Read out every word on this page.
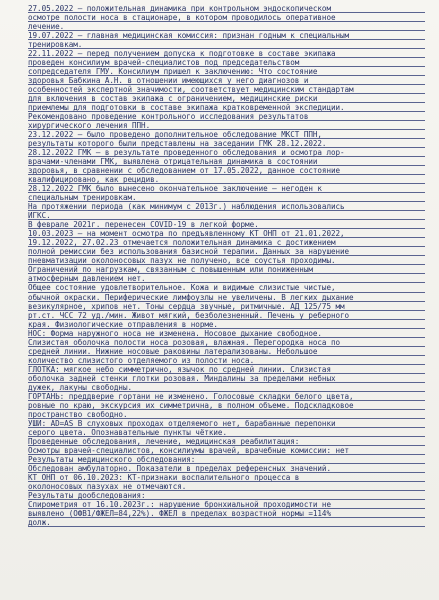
27.05.2022 – положительная динамика при контрольном эндоскопическом
осмотре полости носа в стационаре, в котором проводилось оперативное
лечение.
19.07.2022 – главная медицинская комиссия: признан годным к специальным
тренировкам.
22.11.2022 – перед получением допуска к подготовке в составе экипажа
проведен консилиум врачей-специалистов под председательством
сопредседателя ГМУ. Консилиум пришел к заключению: Что состояние
здоровья Бабкина А.Н. в отношении имеющихся у него диагнозов и
особенностей экспертной значимости, соответствует медицинским стандартам
для включения в состав экипажа с ограничением, медицинские риски
приемлемы для подготовки в составе экипажа кратковременной экспедиции.
Рекомендовано проведение контрольного исследования результатов
хирургического лечения ППН.
23.12.2022 – было проведено дополнительное обследование МКСТ ППН,
результаты которого были представлены на заседании ГМК 28.12.2022.
28.12.2022 ГМК – в результате проведенного обследования и осмотра лор-
врачами-членами ГМК, выявлена отрицательная динамика в состоянии
здоровья, в сравнении с обследованием от 17.05.2022, данное состояние
квалифицировано, как рецидив.
28.12.2022 ГМК было вынесено окончательное заключение – негоден к
специальным тренировкам.
На протяжении периода (как минимум с 2013г.) наблюдения использовались
ИГКС.
В феврале 2021г. перенесен COVID-19 в легкой форме.
10.03.2023 – на момент осмотра по предъявленному КТ ОНП от 21.01.2022,
19.12.2022, 27.02.23 отмечается положительная динамика с достижением
полной ремиссии без использования базисной терапии. Данных за нарушение
пневматизации околоносовых пазух не получено, все соустья проходимы.
Ограничений по нагрузкам, связанным с повышенным или пониженным
атмосферным давлением нет.
Общее состояние удовлетворительное. Кожа и видимые слизистые чистые,
обычной окраски. Периферические лимфоузлы не увеличены. В легких дыхание
везикулярное, хрипов нет. Тоны сердца звучные, ритмичные. АД 125/75 мм
рт.ст. ЧСС 72 уд./мин. Живот мягкий, безболезненный. Печень у реберного
края. Физиологические отправления в норме.
НОС: Форма наружного носа не изменена. Носовое дыхание свободное.
Слизистая оболочка полости носа розовая, влажная. Перегородка носа по
средней линии. Нижние носовые раковины латерализованы. Небольшое
количество слизистого отделяемого из полости носа.
ГЛОТКА: мягкое небо симметрично, язычок по средней линии. Слизистая
оболочка задней стенки глотки розовая. Миндалины за пределами небных
дужек, лакуны свободны.
ГОРТАНЬ: преддверие гортани не изменено. Голосовые складки белого цвета,
ровные по краю, экскурсия их симметрична, в полном объеме. Подскладковое
пространство свободно.
УШИ: AD=AS В слуховых проходах отделяемого нет, барабанные перепонки
серого цвета. Опознавательные пункты чёткие.
Проведенные обследования, лечение, медицинская реабилитация:
Осмотры врачей-специалистов, консилиумы врачей, врачебные комиссии: нет
Результаты медицинского обследования:
Обследован амбулаторно. Показатели в пределах референсных значений.
КТ ОНП от 06.10.2023: КТ-признаки воспалительного процесса в
околоносовых пазухах не отмечаются.
Результаты дообследования:
Спирометрия от 16.10.2023г.: нарушение бронхиальной проходимости не
выявлено (ОФВ1/ФЖЕЛ=84,22%). ФЖЕЛ в пределах возрастной нормы =114%
долж.
